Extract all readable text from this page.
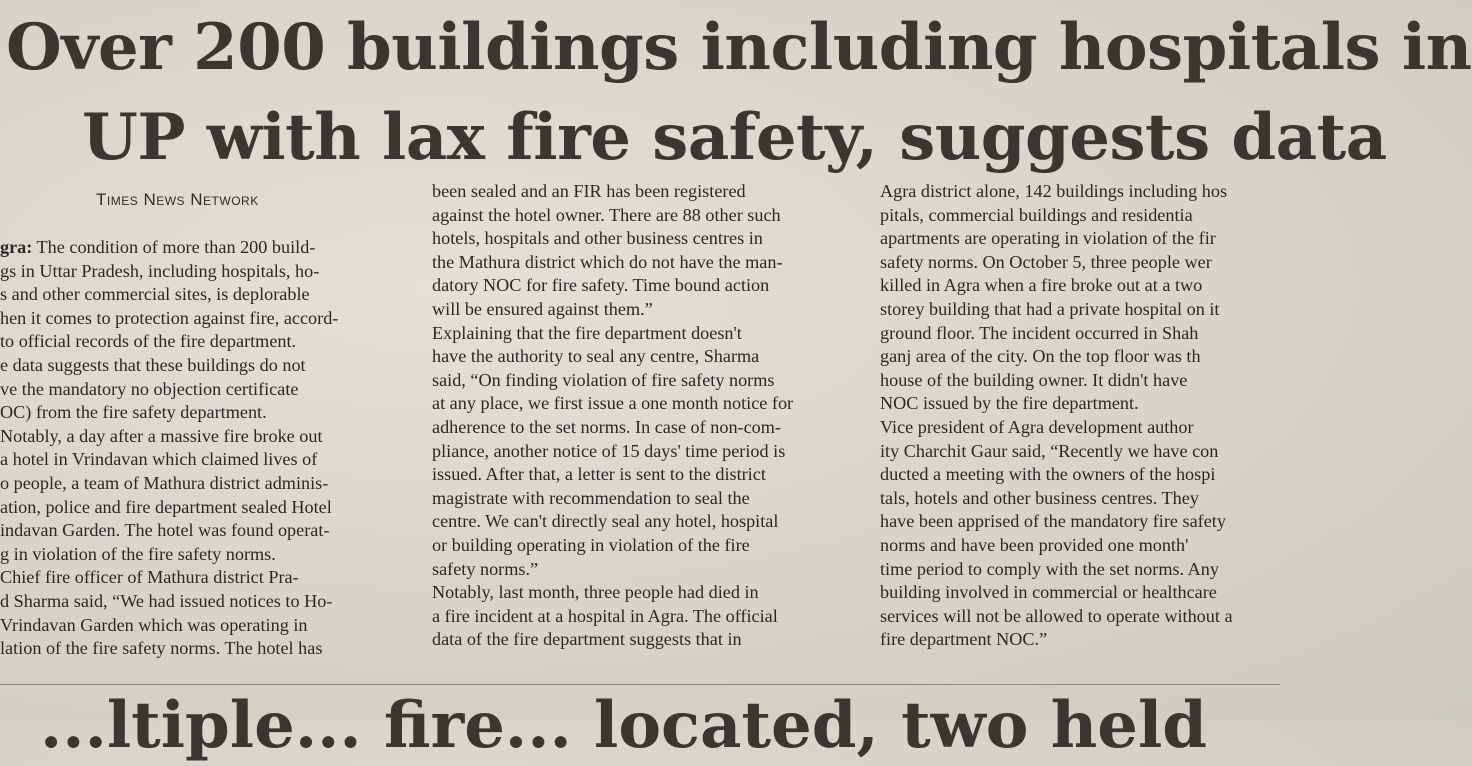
Over 200 buildings including hospitals in
UP with lax fire safety, suggests data
Times News Network
gra: The condition of more than 200 build-
gs in Uttar Pradesh, including hospitals, ho-
s and other commercial sites, is deplorable
hen it comes to protection against fire, accord-
to official records of the fire department.
e data suggests that these buildings do not
ve the mandatory no objection certificate
OC) from the fire safety department.
Notably, a day after a massive fire broke out
a hotel in Vrindavan which claimed lives of
o people, a team of Mathura district adminis-
ation, police and fire department sealed Hotel
indavan Garden. The hotel was found operat-
g in violation of the fire safety norms.
Chief fire officer of Mathura district Pra-
d Sharma said, “We had issued notices to Ho-
Vrindavan Garden which was operating in
lation of the fire safety norms. The hotel has
been sealed and an FIR has been registered
against the hotel owner. There are 88 other such
hotels, hospitals and other business centres in
the Mathura district which do not have the man-
datory NOC for fire safety. Time bound action
will be ensured against them.”
Explaining that the fire department doesn't
have the authority to seal any centre, Sharma
said, “On finding violation of fire safety norms
at any place, we first issue a one month notice for
adherence to the set norms. In case of non-com-
pliance, another notice of 15 days' time period is
issued. After that, a letter is sent to the district
magistrate with recommendation to seal the
centre. We can't directly seal any hotel, hospital
or building operating in violation of the fire
safety norms.”
Notably, last month, three people had died in
a fire incident at a hospital in Agra. The official
data of the fire department suggests that in
Agra district alone, 142 buildings including hos
pitals, commercial buildings and residentia
apartments are operating in violation of the fir
safety norms. On October 5, three people wer
killed in Agra when a fire broke out at a two
storey building that had a private hospital on it
ground floor. The incident occurred in Shah
ganj area of the city. On the top floor was th
house of the building owner. It didn't have
NOC issued by the fire department.
Vice president of Agra development author
ity Charchit Gaur said, “Recently we have con
ducted a meeting with the owners of the hospi
tals, hotels and other business centres. They
have been apprised of the mandatory fire safety
norms and have been provided one month'
time period to comply with the set norms. Any
building involved in commercial or healthcare
services will not be allowed to operate without a
fire department NOC.”
...ltiple... fire... located, two held
